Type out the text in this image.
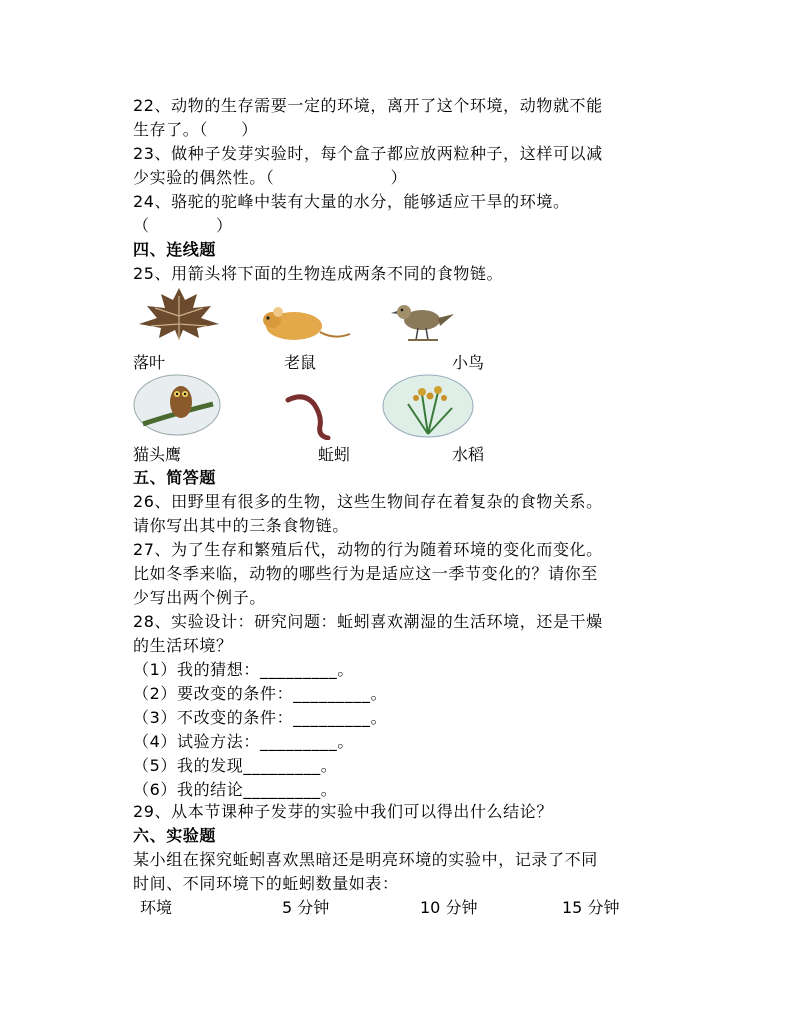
22、动物的生存需要一定的环境，离开了这个环境，动物就不能
生存了。（　　）
23、做种子发芽实验时，每个盒子都应放两粒种子，这样可以减
少实验的偶然性。（　　　　　　　）
24、骆驼的驼峰中装有大量的水分，能够适应干旱的环境。
（　　　　）
四、连线题
25、用箭头将下面的生物连成两条不同的食物链。
落叶	老鼠	小鸟
猫头鹰	蚯蚓	水稻
五、简答题
26、田野里有很多的生物，这些生物间存在着复杂的食物关系。
请你写出其中的三条食物链。
27、为了生存和繁殖后代，动物的行为随着环境的变化而变化。
比如冬季来临，动物的哪些行为是适应这一季节变化的？请你至
少写出两个例子。
28、实验设计：研究问题：蚯蚓喜欢潮湿的生活环境，还是干燥
的生活环境？
（1）我的猜想：_________。
（2）要改变的条件：_________。
（3）不改变的条件：_________。
（4）试验方法：_________。
（5）我的发现_________。
（6）我的结论_________。
29、从本节课种子发芽的实验中我们可以得出什么结论？
六、实验题
某小组在探究蚯蚓喜欢黑暗还是明亮环境的实验中，记录了不同
时间、不同环境下的蚯蚓数量如表：
环境	5 分钟	10 分钟	15 分钟
